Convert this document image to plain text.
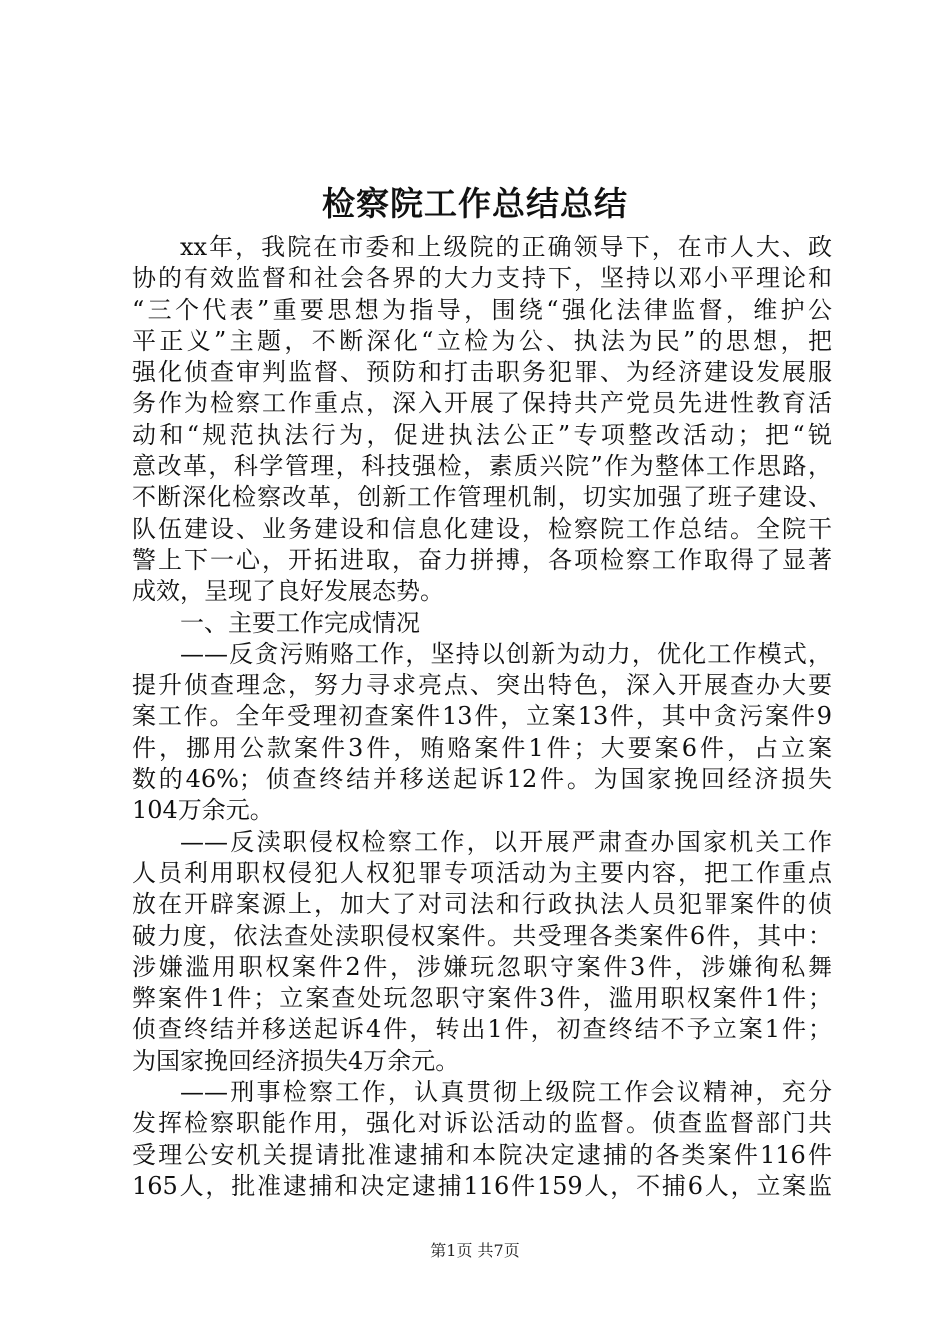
检察院工作总结总结
xx年，我院在市委和上级院的正确领导下，在市人大、政
协的有效监督和社会各界的大力支持下，坚持以邓小平理论和
“三个代表”重要思想为指导，围绕“强化法律监督，维护公
平正义”主题，不断深化“立检为公、执法为民”的思想，把
强化侦查审判监督、预防和打击职务犯罪、为经济建设发展服
务作为检察工作重点，深入开展了保持共产党员先进性教育活
动和“规范执法行为，促进执法公正”专项整改活动；把“锐
意改革，科学管理，科技强检，素质兴院”作为整体工作思路，
不断深化检察改革，创新工作管理机制，切实加强了班子建设、
队伍建设、业务建设和信息化建设，检察院工作总结。全院干
警上下一心，开拓进取，奋力拼搏，各项检察工作取得了显著
成效，呈现了良好发展态势。
一、主要工作完成情况
——反贪污贿赂工作，坚持以创新为动力，优化工作模式，
提升侦查理念，努力寻求亮点、突出特色，深入开展查办大要
案工作。全年受理初查案件13件，立案13件，其中贪污案件9
件，挪用公款案件3件，贿赂案件1件；大要案6件，占立案
数的46%；侦查终结并移送起诉12件。为国家挽回经济损失
104万余元。
——反渎职侵权检察工作，以开展严肃查办国家机关工作
人员利用职权侵犯人权犯罪专项活动为主要内容，把工作重点
放在开辟案源上，加大了对司法和行政执法人员犯罪案件的侦
破力度，依法查处渎职侵权案件。共受理各类案件6件，其中：
涉嫌滥用职权案件2件，涉嫌玩忽职守案件3件，涉嫌徇私舞
弊案件1件；立案查处玩忽职守案件3件，滥用职权案件1件；
侦查终结并移送起诉4件，转出1件，初查终结不予立案1件；
为国家挽回经济损失4万余元。
——刑事检察工作，认真贯彻上级院工作会议精神，充分
发挥检察职能作用，强化对诉讼活动的监督。侦查监督部门共
受理公安机关提请批准逮捕和本院决定逮捕的各类案件116件
165人，批准逮捕和决定逮捕116件159人，不捕6人，立案监
第1页 共7页
